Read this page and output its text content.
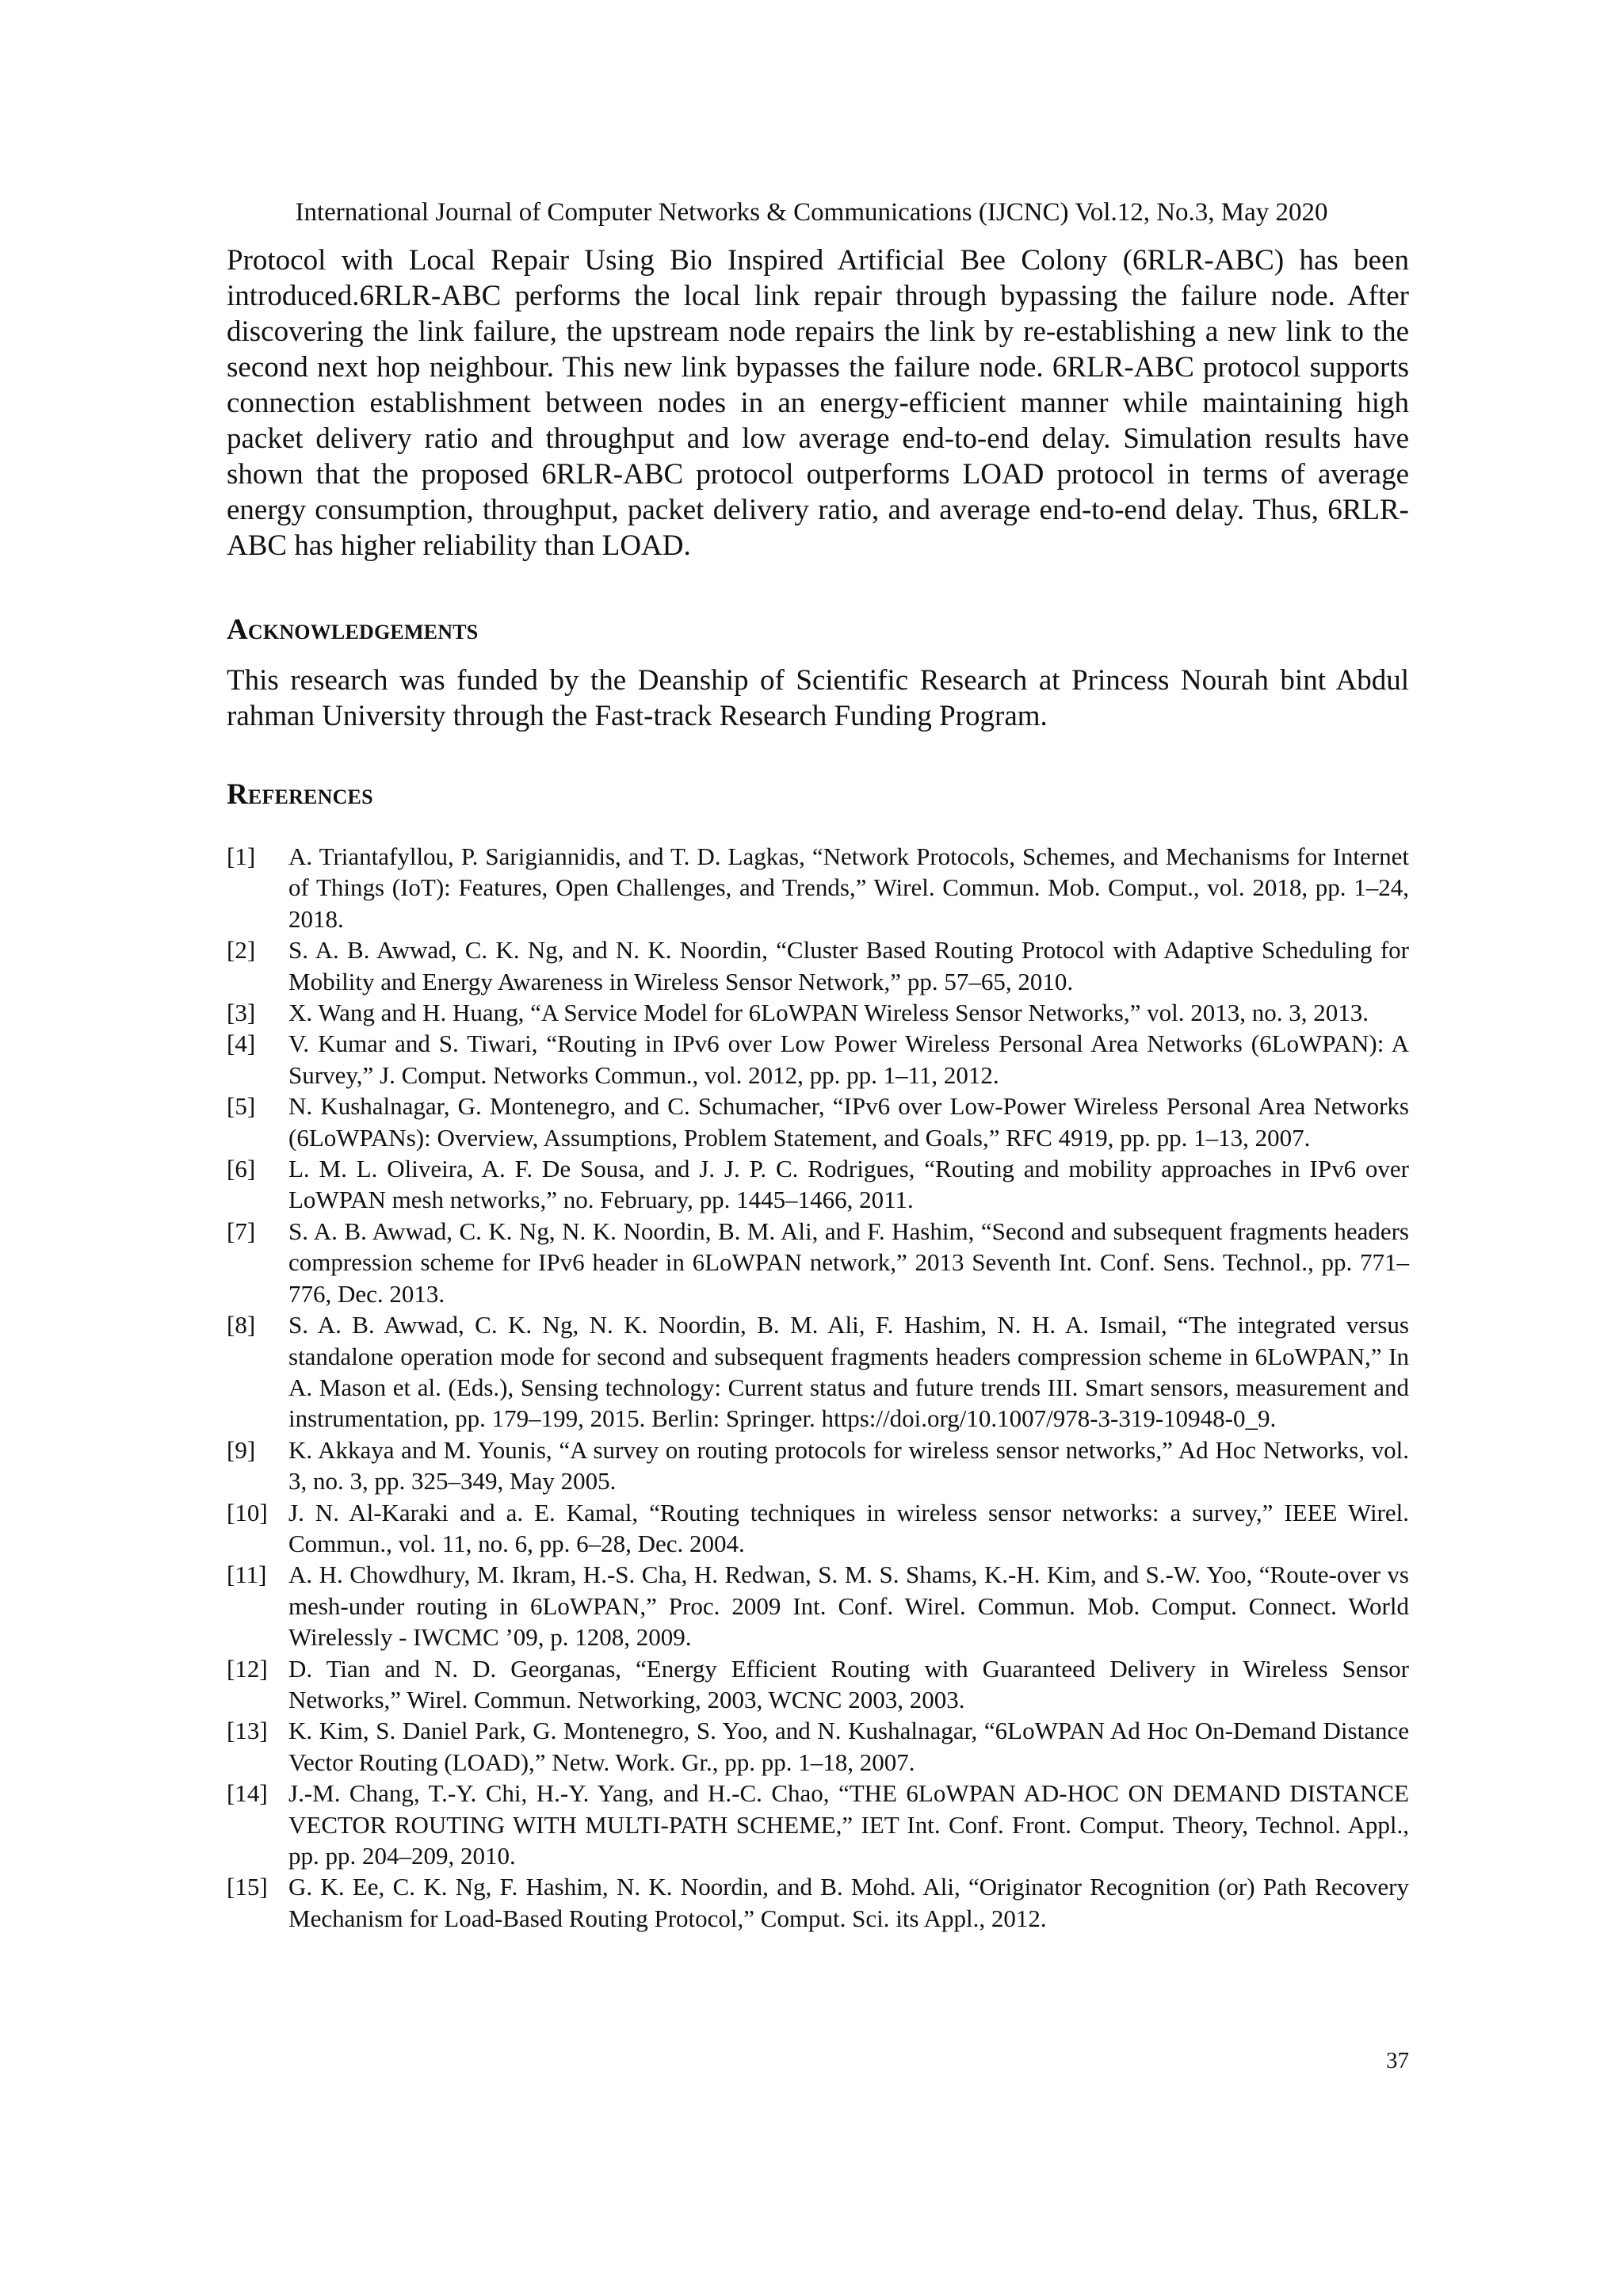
International Journal of Computer Networks & Communications (IJCNC) Vol.12, No.3, May 2020

Protocol with Local Repair Using Bio Inspired Artificial Bee Colony (6RLR-ABC) has been introduced.6RLR-ABC performs the local link repair through bypassing the failure node. After discovering the link failure, the upstream node repairs the link by re-establishing a new link to the second next hop neighbour. This new link bypasses the failure node. 6RLR-ABC protocol supports connection establishment between nodes in an energy-efficient manner while maintaining high packet delivery ratio and throughput and low average end-to-end delay. Simulation results have shown that the proposed 6RLR-ABC protocol outperforms LOAD protocol in terms of average energy consumption, throughput, packet delivery ratio, and average end-to-end delay. Thus, 6RLR-ABC has higher reliability than LOAD.

Acknowledgements

This research was funded by the Deanship of Scientific Research at Princess Nourah bint Abdul rahman University through the Fast-track Research Funding Program.

References
[1]	A. Triantafyllou, P. Sarigiannidis, and T. D. Lagkas, “Network Protocols, Schemes, and Mechanisms for Internet of Things (IoT): Features, Open Challenges, and Trends,” Wirel. Commun. Mob. Comput., vol. 2018, pp. 1–24, 2018.
[2]	S. A. B. Awwad, C. K. Ng, and N. K. Noordin, “Cluster Based Routing Protocol with Adaptive Scheduling for Mobility and Energy Awareness in Wireless Sensor Network,” pp. 57–65, 2010.
[3]	X. Wang and H. Huang, “A Service Model for 6LoWPAN Wireless Sensor Networks,” vol. 2013, no. 3, 2013.
[4]	V. Kumar and S. Tiwari, “Routing in IPv6 over Low Power Wireless Personal Area Networks (6LoWPAN): A Survey,” J. Comput. Networks Commun., vol. 2012, pp. pp. 1–11, 2012.
[5]	N. Kushalnagar, G. Montenegro, and C. Schumacher, “IPv6 over Low-Power Wireless Personal Area Networks (6LoWPANs): Overview, Assumptions, Problem Statement, and Goals,” RFC 4919, pp. pp. 1–13, 2007.
[6]	L. M. L. Oliveira, A. F. De Sousa, and J. J. P. C. Rodrigues, “Routing and mobility approaches in IPv6 over LoWPAN mesh networks,” no. February, pp. 1445–1466, 2011.
[7]	S. A. B. Awwad, C. K. Ng, N. K. Noordin, B. M. Ali, and F. Hashim, “Second and subsequent fragments headers compression scheme for IPv6 header in 6LoWPAN network,” 2013 Seventh Int. Conf. Sens. Technol., pp. 771–776, Dec. 2013.
[8]	S. A. B. Awwad, C. K. Ng, N. K. Noordin, B. M. Ali, F. Hashim, N. H. A. Ismail, “The integrated versus standalone operation mode for second and subsequent fragments headers compression scheme in 6LoWPAN,” In A. Mason et al. (Eds.), Sensing technology: Current status and future trends III. Smart sensors, measurement and instrumentation, pp. 179–199, 2015. Berlin: Springer. https://doi.org/10.1007/978-3-319-10948-0_9.
[9]	K. Akkaya and M. Younis, “A survey on routing protocols for wireless sensor networks,” Ad Hoc Networks, vol. 3, no. 3, pp. 325–349, May 2005.
[10] J. N. Al-Karaki and a. E. Kamal, “Routing techniques in wireless sensor networks: a survey,” IEEE Wirel. Commun., vol. 11, no. 6, pp. 6–28, Dec. 2004.
[11] A. H. Chowdhury, M. Ikram, H.-S. Cha, H. Redwan, S. M. S. Shams, K.-H. Kim, and S.-W. Yoo, “Route-over vs mesh-under routing in 6LoWPAN,” Proc. 2009 Int. Conf. Wirel. Commun. Mob. Comput. Connect. World Wirelessly - IWCMC ’09, p. 1208, 2009.
[12] D. Tian and N. D. Georganas, “Energy Efficient Routing with Guaranteed Delivery in Wireless Sensor Networks,” Wirel. Commun. Networking, 2003, WCNC 2003, 2003.
[13] K. Kim, S. Daniel Park, G. Montenegro, S. Yoo, and N. Kushalnagar, “6LoWPAN Ad Hoc On-Demand Distance Vector Routing (LOAD),” Netw. Work. Gr., pp. pp. 1–18, 2007.
[14] J.-M. Chang, T.-Y. Chi, H.-Y. Yang, and H.-C. Chao, “THE 6LoWPAN AD-HOC ON DEMAND DISTANCE VECTOR ROUTING WITH MULTI-PATH SCHEME,” IET Int. Conf. Front. Comput. Theory, Technol. Appl., pp. pp. 204–209, 2010.
[15] G. K. Ee, C. K. Ng, F. Hashim, N. K. Noordin, and B. Mohd. Ali, “Originator Recognition (or) Path Recovery Mechanism for Load-Based Routing Protocol,” Comput. Sci. its Appl., 2012.
37
